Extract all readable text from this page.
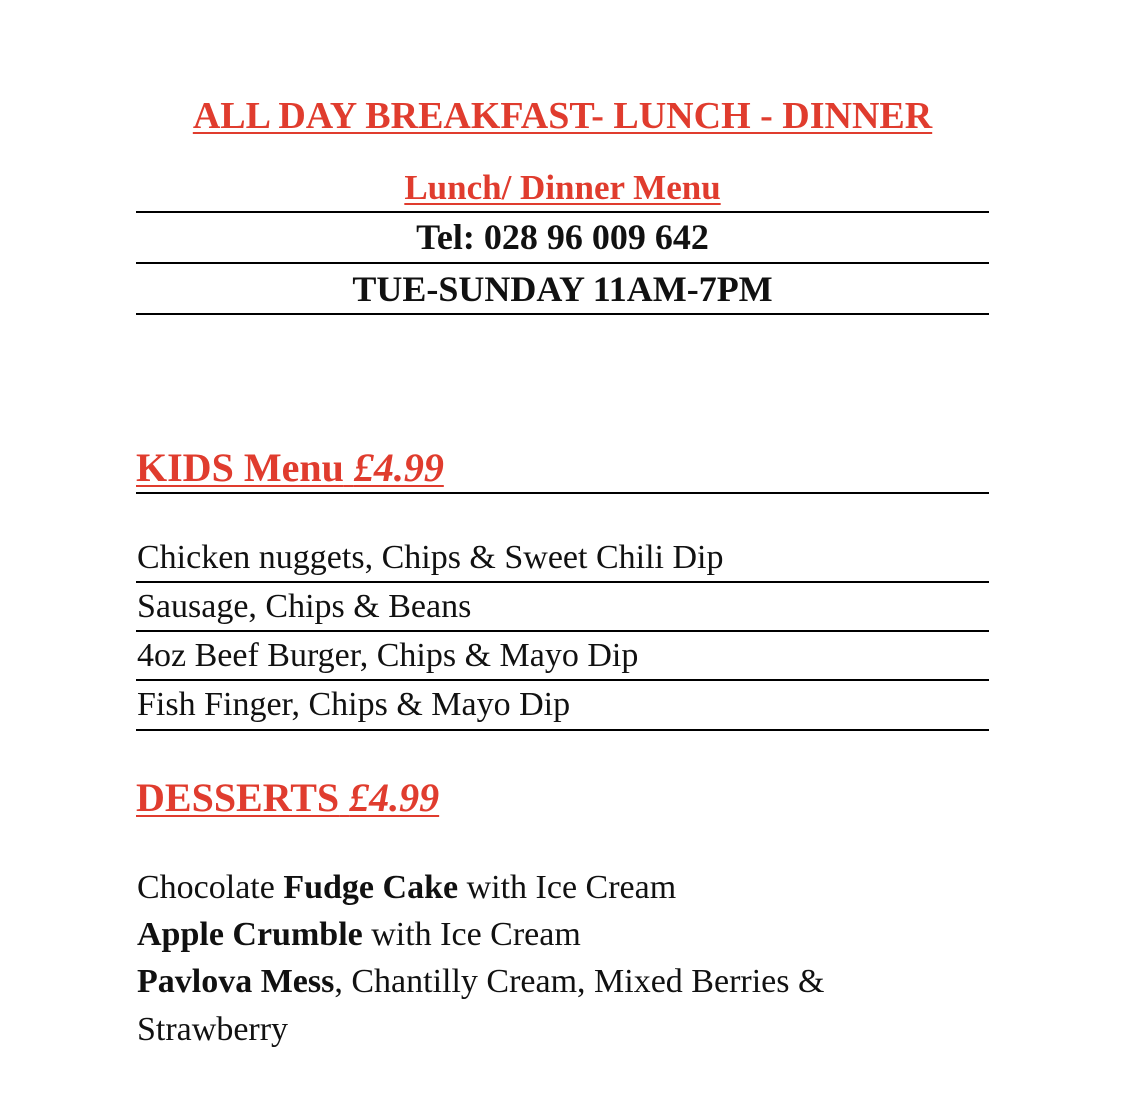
ALL DAY BREAKFAST- LUNCH - DINNER
Lunch/ Dinner Menu
Tel: 028 96 009 642
TUE-SUNDAY 11AM-7PM
KIDS Menu £4.99
Chicken nuggets, Chips & Sweet Chili Dip
Sausage, Chips & Beans
4oz Beef Burger, Chips & Mayo Dip
Fish Finger, Chips & Mayo Dip
DESSERTS £4.99
Chocolate Fudge Cake with Ice Cream
Apple Crumble with Ice Cream
Pavlova Mess, Chantilly Cream, Mixed Berries & Strawberry
